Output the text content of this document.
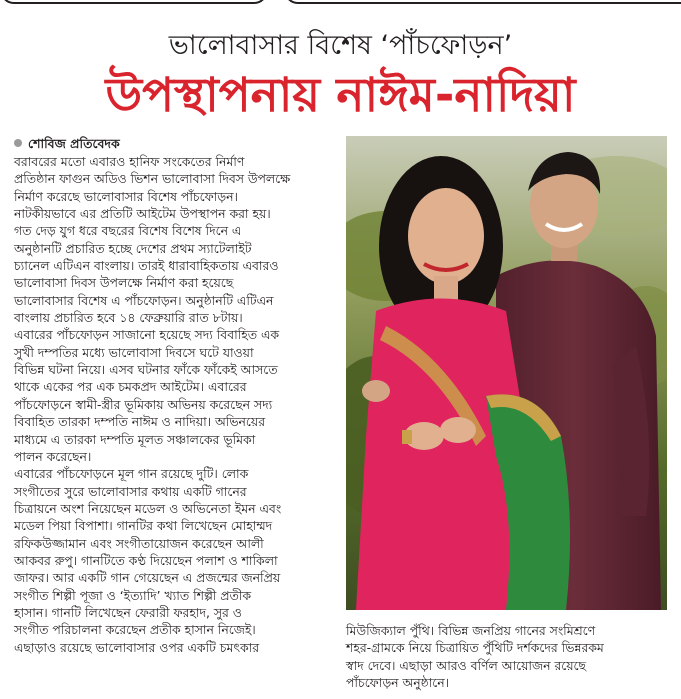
ভালোবাসার বিশেষ ‘পাঁচফোড়ন’
উপস্থাপনায় নাঈম-নাদিয়া
শোবিজ প্রতিবেদক

বরাবরের মতো এবারও হানিফ সংকেতের নির্মাণ

প্রতিষ্ঠান ফাগুন অডিও ভিশন ভালোবাসা দিবস উপলক্ষে

নির্মাণ করেছে ভালোবাসার বিশেষ পাঁচফোড়ন।

নাটকীয়ভাবে এর প্রতিটি আইটেম উপস্থাপন করা হয়।

গত দেড় যুগ ধরে বছরের বিশেষ বিশেষ দিনে এ

অনুষ্ঠানটি প্রচারিত হচ্ছে দেশের প্রথম স্যাটেলাইট

চ্যানেল এটিএন বাংলায়। তারই ধারাবাহিকতায় এবারও

ভালোবাসা দিবস উপলক্ষে নির্মাণ করা হয়েছে

ভালোবাসার বিশেষ এ পাঁচফোড়ন। অনুষ্ঠানটি এটিএন

বাংলায় প্রচারিত হবে ১৪ ফেব্রুয়ারি রাত ৮টায়।

এবারের পাঁচফোড়ন সাজানো হয়েছে সদ্য বিবাহিত এক

সুখী দম্পতির মধ্যে ভালোবাসা দিবসে ঘটে যাওয়া

বিভিন্ন ঘটনা নিয়ে। এসব ঘটনার ফাঁকে ফাঁকেই আসতে

থাকে একের পর এক চমকপ্রদ আইটেম। এবারের

পাঁচফোড়নে স্বামী-স্ত্রীর ভূমিকায় অভিনয় করেছেন সদ্য

বিবাহিত তারকা দম্পতি নাঈম ও নাদিয়া। অভিনয়ের

মাধ্যমে এ তারকা দম্পতি মূলত সঞ্চালকের ভূমিকা

পালন করেছেন।

এবারের পাঁচফোড়নে মূল গান রয়েছে দুটি। লোক

সংগীতের সুরে ভালোবাসার কথায় একটি গানের

চিত্রায়নে অংশ নিয়েছেন মডেল ও অভিনেতা ইমন এবং

মডেল পিয়া বিপাশা। গানটির কথা লিখেছেন মোহাম্মদ

রফিকউজ্জামান এবং সংগীতায়োজন করেছেন আলী

আকবর রুপু। গানটিতে কণ্ঠ দিয়েছেন পলাশ ও শাকিলা

জাফর। আর একটি গান গেয়েছেন এ প্রজন্মের জনপ্রিয়

সংগীত শিল্পী পূজা ও ‘ইত্যাদি’ খ্যাত শিল্পী প্রতীক

হাসান। গানটি লিখেছেন ফেরারী ফরহাদ, সুর ও

সংগীত পরিচালনা করেছেন প্রতীক হাসান নিজেই।

এছাড়াও রয়েছে ভালোবাসার ওপর একটি চমৎকার

মিউজিক্যাল পুঁথি। বিভিন্ন জনপ্রিয় গানের সংমিশ্রণে
শহর-গ্রামকে নিয়ে চিত্রায়িত পুঁথিটি দর্শকদের ভিন্নরকম
স্বাদ দেবে। এছাড়া আরও বর্ণিল আয়োজন রয়েছে
পাঁচফোড়ন অনুষ্ঠানে।
